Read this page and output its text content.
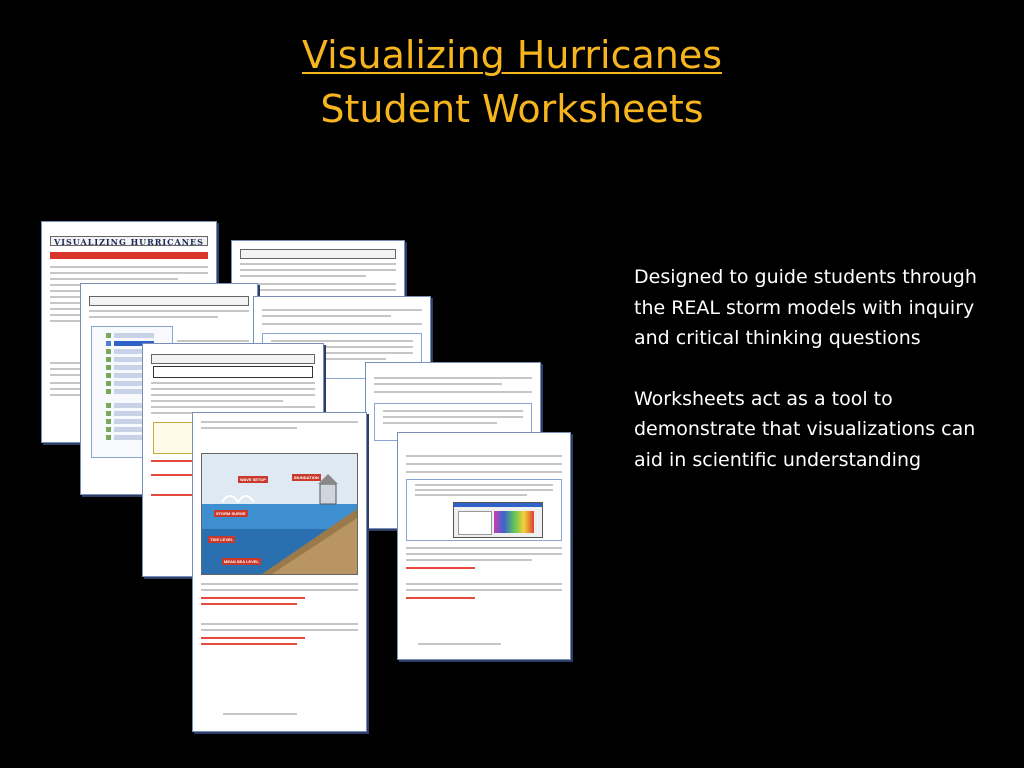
Visualizing Hurricanes
Student Worksheets
VISUALIZING HURRICANES
WAVE SETUP	INUNDATION
STORM SURGE
TIDE LEVEL
MEAN SEA LEVEL

Designed to guide students through the REAL storm models with inquiry and critical thinking questions

Worksheets act as a tool to demonstrate that visualizations can aid in scientific understanding
